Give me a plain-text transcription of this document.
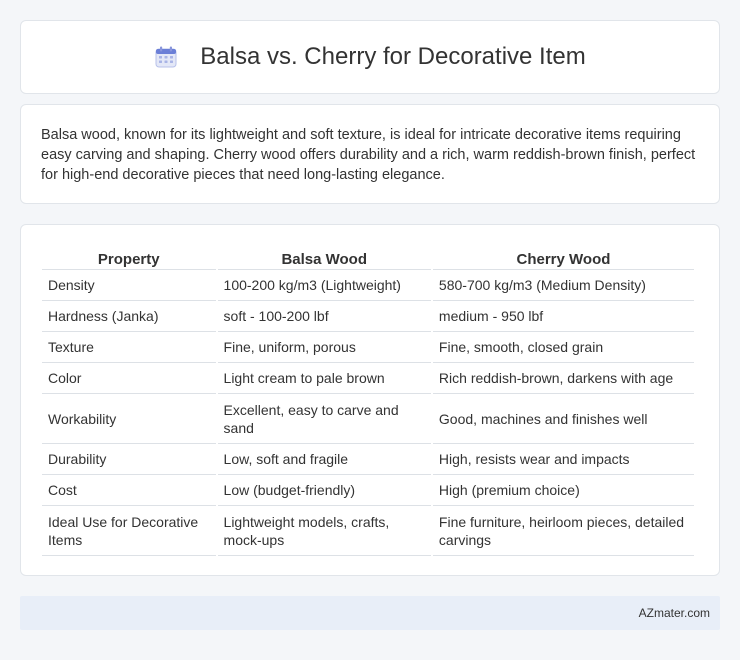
Balsa vs. Cherry for Decorative Item

Balsa wood, known for its lightweight and soft texture, is ideal for intricate decorative items requiring easy carving and shaping. Cherry wood offers durability and a rich, warm reddish-brown finish, perfect for high-end decorative pieces that need long-lasting elegance.

Property	Balsa Wood	Cherry Wood
Density	100-200 kg/m3 (Lightweight)	580-700 kg/m3 (Medium Density)
Hardness (Janka)	soft - 100-200 lbf	medium - 950 lbf
Texture	Fine, uniform, porous	Fine, smooth, closed grain
Color	Light cream to pale brown	Rich reddish-brown, darkens with age
Workability	Excellent, easy to carve and sand	Good, machines and finishes well
Durability	Low, soft and fragile	High, resists wear and impacts
Cost	Low (budget-friendly)	High (premium choice)
Ideal Use for Decorative Items	Lightweight models, crafts, mock-ups	Fine furniture, heirloom pieces, detailed carvings
AZmater.com
